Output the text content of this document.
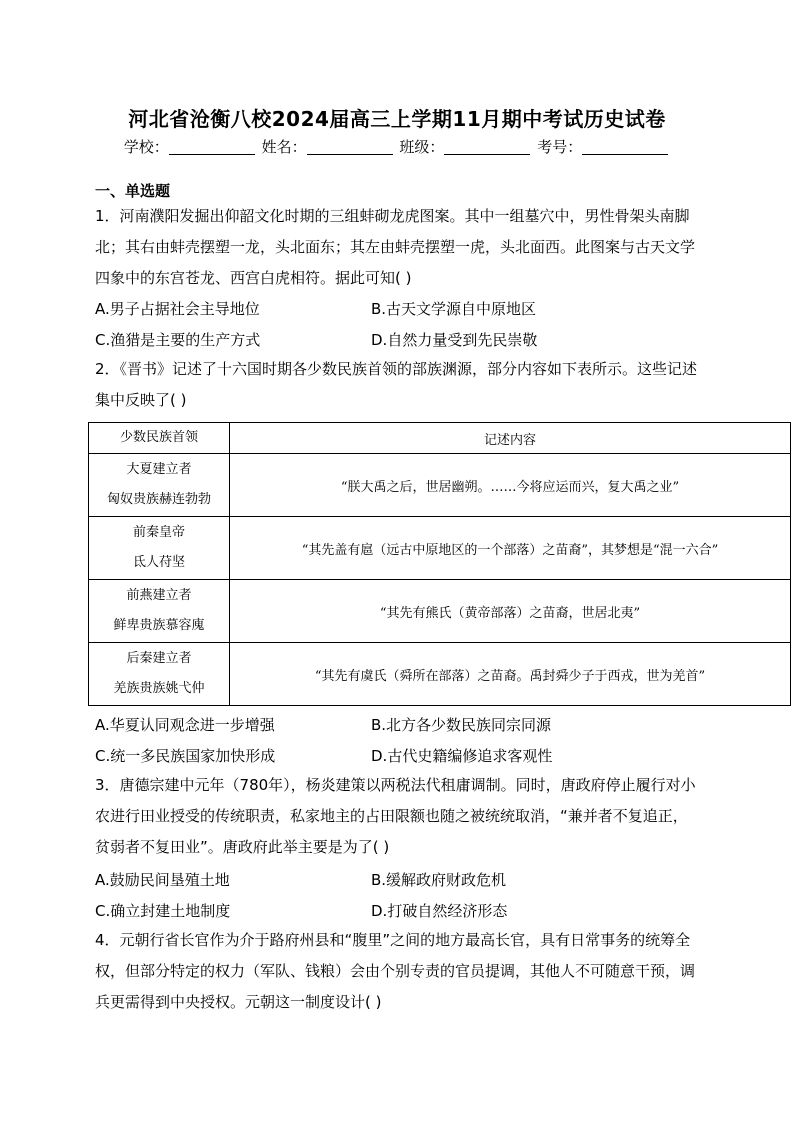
河北省沧衡八校2024届高三上学期11月期中考试历史试卷
学校：	姓名：	班级：	考号：
一、单选题
1．河南濮阳发掘出仰韶文化时期的三组蚌砌龙虎图案。其中一组墓穴中，男性骨架头南脚北；其右由蚌壳摆塑一龙，头北面东；其左由蚌壳摆塑一虎，头北面西。此图案与古天文学四象中的东宫苍龙、西宫白虎相符。据此可知( )
A.男子占据社会主导地位	B.古天文学源自中原地区
C.渔猎是主要的生产方式	D.自然力量受到先民崇敬
2．《晋书》记述了十六国时期各少数民族首领的部族渊源，部分内容如下表所示。这些记述集中反映了( )
少数民族首领	记述内容

大夏建立者
匈奴贵族赫连勃勃	“朕大禹之后，世居幽朔。……今将应运而兴，复大禹之业”

前秦皇帝
氐人苻坚	“其先盖有扈（远古中原地区的一个部落）之苗裔”，其梦想是“混一六合”

前燕建立者
鲜卑贵族慕容廆	“其先有熊氏（黄帝部落）之苗裔，世居北夷”

后秦建立者
羌族贵族姚弋仲	“其先有虞氏（舜所在部落）之苗裔。禹封舜少子于西戎，世为羌首”
A.华夏认同观念进一步增强	B.北方各少数民族同宗同源
C.统一多民族国家加快形成	D.古代史籍编修追求客观性
3．唐德宗建中元年（780年），杨炎建策以两税法代租庸调制。同时，唐政府停止履行对小农进行田业授受的传统职责，私家地主的占田限额也随之被统统取消，“兼并者不复追正，贫弱者不复田业”。唐政府此举主要是为了( )
A.鼓励民间垦殖土地	B.缓解政府财政危机
C.确立封建土地制度	D.打破自然经济形态
4．元朝行省长官作为介于路府州县和“腹里”之间的地方最高长官，具有日常事务的统筹全权，但部分特定的权力（军队、钱粮）会由个别专责的官员提调，其他人不可随意干预，调兵更需得到中央授权。元朝这一制度设计( )
